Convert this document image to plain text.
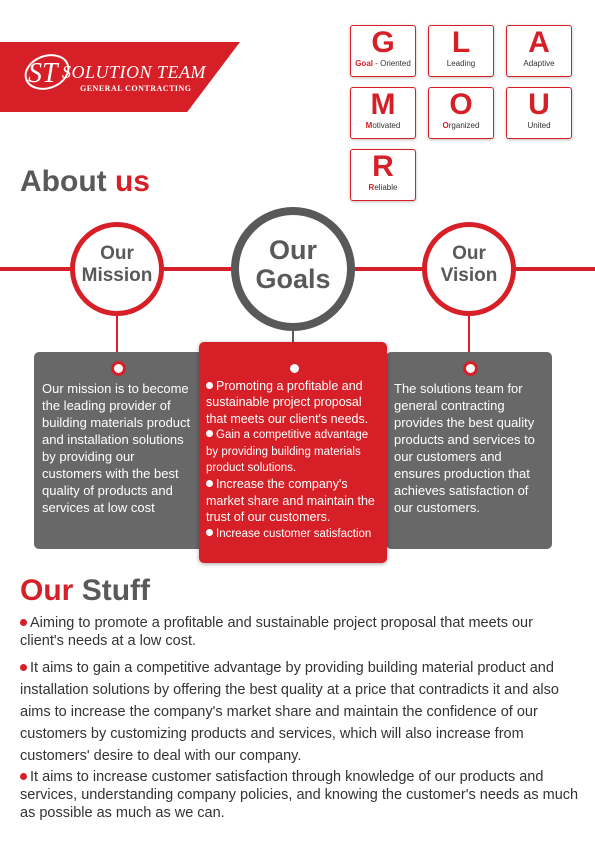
ST SOLUTION TEAM
GENERAL CONTRACTING
G
Goal - Oriented
L
Leading
A
Adaptive
M
Motivated
O
Organized
U
United
R
Reliable
About us
Our
Mission
Our
Goals
Our
Vision

Our mission is to become the leading provider of building materials product and installation solutions by providing our customers with the best quality of products and services at low cost

The solutions team for general contracting provides the best quality products and services to our customers and ensures production that achieves satisfaction of our customers.

Promoting a profitable and sustainable project proposal that meets our client's needs.

Gain a competitive advantage by providing building materials product solutions.

Increase the company's market share and maintain the trust of our customers.

Increase customer satisfaction

Our Stuff

Aiming to promote a profitable and sustainable project proposal that meets our client's needs at a low cost.

It aims to gain a competitive advantage by providing building material product and installation solutions by offering the best quality at a price that contradicts it and also aims to increase the company's market share and maintain the confidence of our customers by customizing products and services, which will also increase from customers' desire to deal with our company.

It aims to increase customer satisfaction through knowledge of our products and services, understanding company policies, and knowing the customer's needs as much as possible as much as we can.
